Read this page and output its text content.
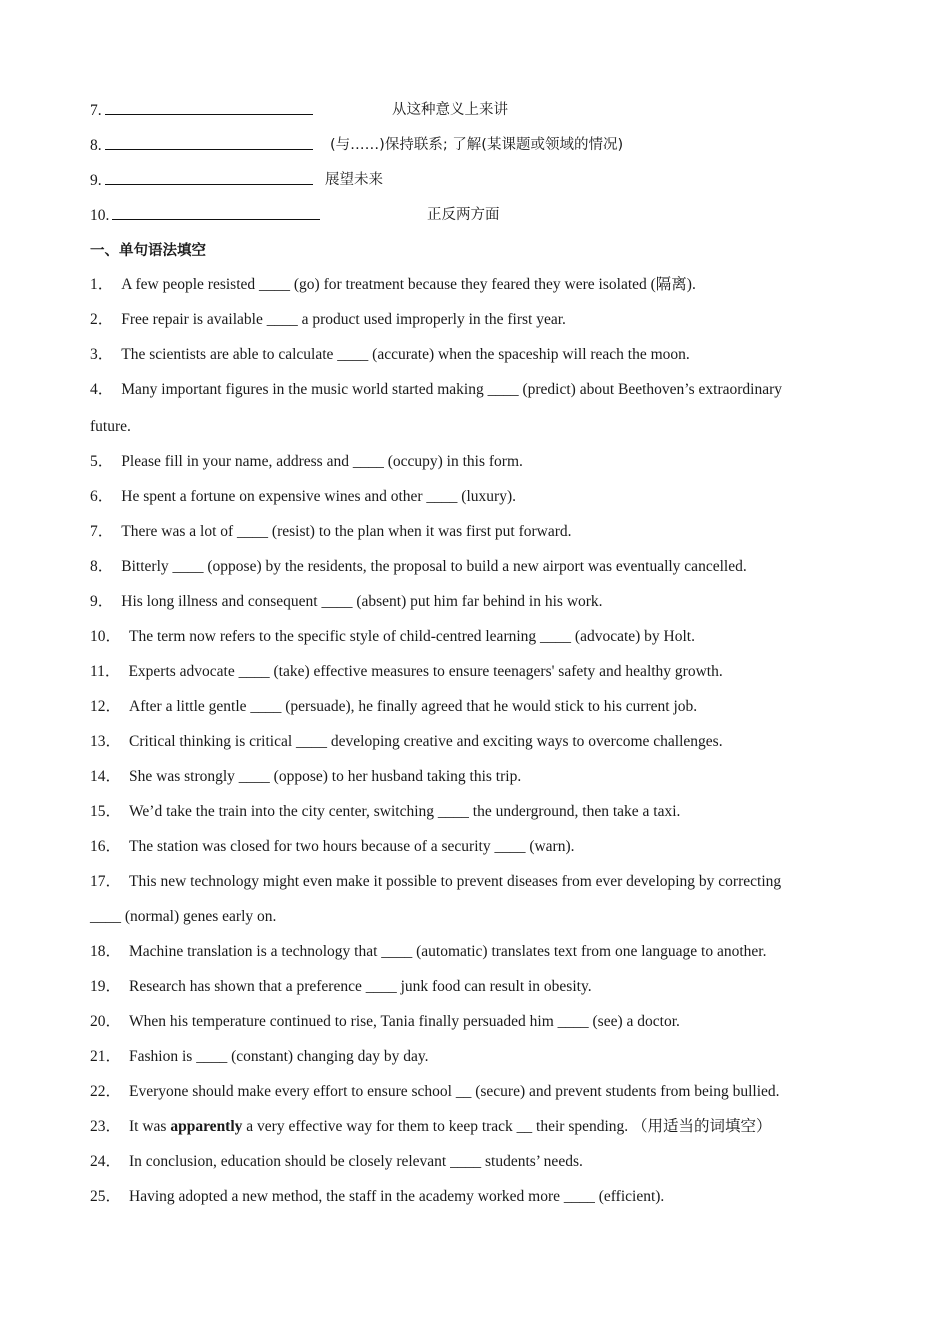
7.	从这种意义上来讲
8.	(与……)保持联系; 了解(某课题或领域的情况)
9.	展望未来
10.	正反两方面
一、单句语法填空
1． A few people resisted ____ (go) for treatment because they feared they were isolated (隔离).
2． Free repair is available ____ a product used improperly in the first year.
3． The scientists are able to calculate ____ (accurate) when the spaceship will reach the moon.
4． Many important figures in the music world started making ____ (predict) about Beethoven’s extraordinary
future.
5． Please fill in your name, address and ____ (occupy) in this form.
6． He spent a fortune on expensive wines and other ____ (luxury).
7． There was a lot of ____ (resist) to the plan when it was first put forward.
8． Bitterly ____ (oppose) by the residents, the proposal to build a new airport was eventually cancelled.
9． His long illness and consequent ____ (absent) put him far behind in his work.
10． The term now refers to the specific style of child-centred learning ____ (advocate) by Holt.
11． Experts advocate ____ (take) effective measures to ensure teenagers' safety and healthy growth.
12． After a little gentle ____ (persuade), he finally agreed that he would stick to his current job.
13． Critical thinking is critical ____ developing creative and exciting ways to overcome challenges.
14． She was strongly ____ (oppose) to her husband taking this trip.
15． We’d take the train into the city center, switching ____ the underground, then take a taxi.
16． The station was closed for two hours because of a security ____ (warn).
17． This new technology might even make it possible to prevent diseases from ever developing by correcting
____ (normal) genes early on.
18． Machine translation is a technology that ____ (automatic) translates text from one language to another.
19． Research has shown that a preference ____ junk food can result in obesity.
20． When his temperature continued to rise, Tania finally persuaded him ____ (see) a doctor.
21． Fashion is ____ (constant) changing day by day.
22． Everyone should make every effort to ensure school __ (secure) and prevent students from being bullied.
23． It was apparently a very effective way for them to keep track __ their spending. （用适当的词填空）
24． In conclusion, education should be closely relevant ____ students’ needs.
25． Having adopted a new method, the staff in the academy worked more ____ (efficient).
